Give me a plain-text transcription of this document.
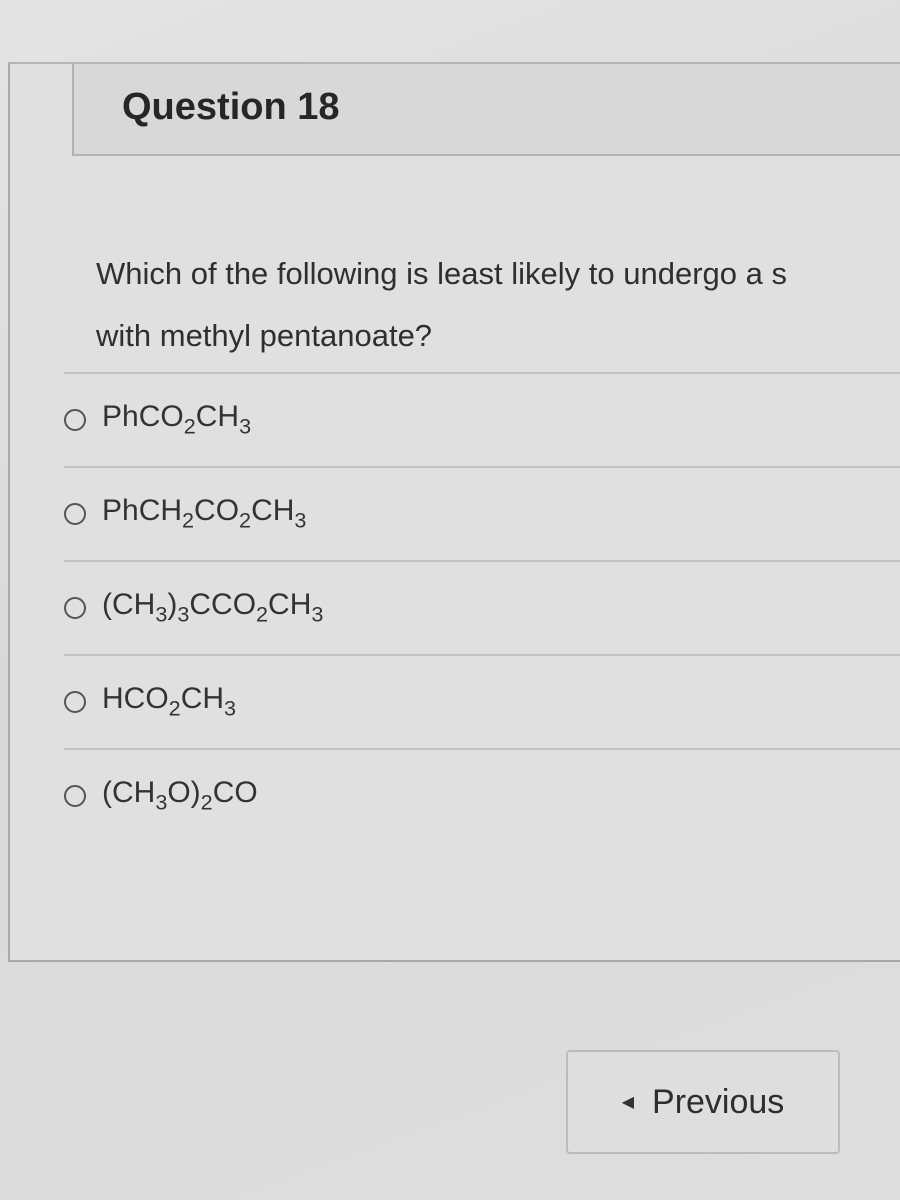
Question 18
Which of the following is least likely to undergo a s
with methyl pentanoate?
$PhCO_2CH_3$
$PhCH_2CO_2CH_3$
$(CH_3)_3CCO_2CH_3$
$HCO_2CH_3$
$(CH_3O)_2CO$
◀ Previous
